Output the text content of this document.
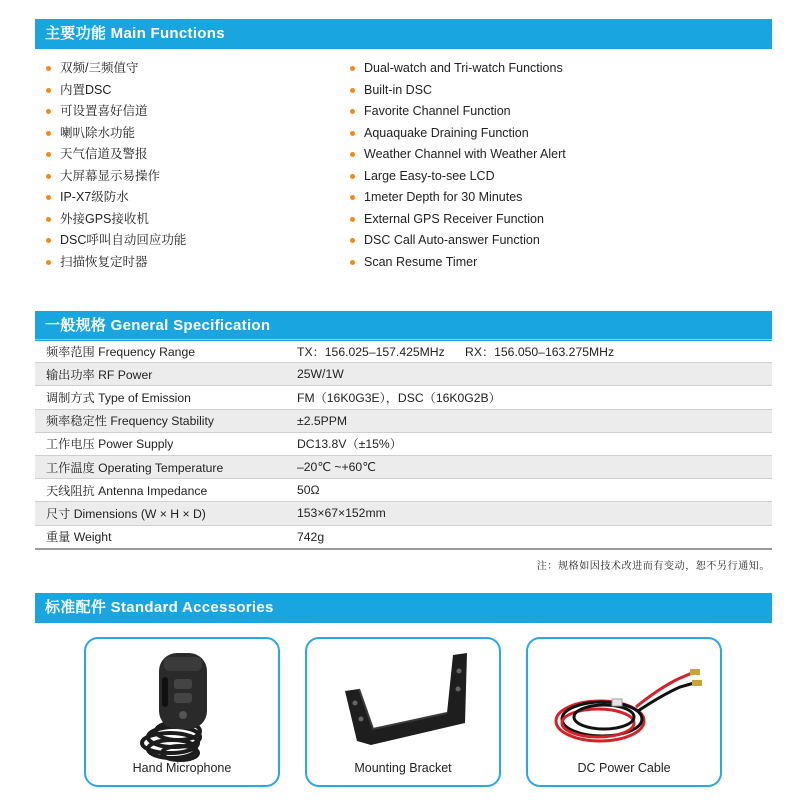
主要功能 Main Functions
双频/三频值守
内置DSC
可设置喜好信道
喇叭除水功能
天气信道及警报
大屏幕显示易操作
IP-X7级防水
外接GPS接收机
DSC呼叫自动回应功能
扫描恢复定时器
Dual-watch and Tri-watch Functions
Built-in DSC
Favorite Channel Function
Aquaquake Draining Function
Weather Channel with Weather Alert
Large Easy-to-see LCD
1meter Depth for 30 Minutes
External GPS Receiver Function
DSC Call Auto-answer Function
Scan Resume Timer
一般规格 General Specification
频率范围 Frequency Range	TX：156.025–157.425MHz      RX：156.050–163.275MHz
输出功率 RF Power	25W/1W
调制方式 Type of Emission	FM（16K0G3E），DSC（16K0G2B）
频率稳定性 Frequency Stability	±2.5PPM
工作电压 Power Supply	DC13.8V（±15%）
工作温度 Operating Temperature	–20℃ ~+60℃
天线阻抗 Antenna Impedance	50Ω
尺寸 Dimensions (W × H × D)	153×67×152mm
重量 Weight	742g
注：规格如因技术改进而有变动，恕不另行通知。
标准配件 Standard Accessories
Hand Microphone	Mounting Bracket	DC Power Cable
